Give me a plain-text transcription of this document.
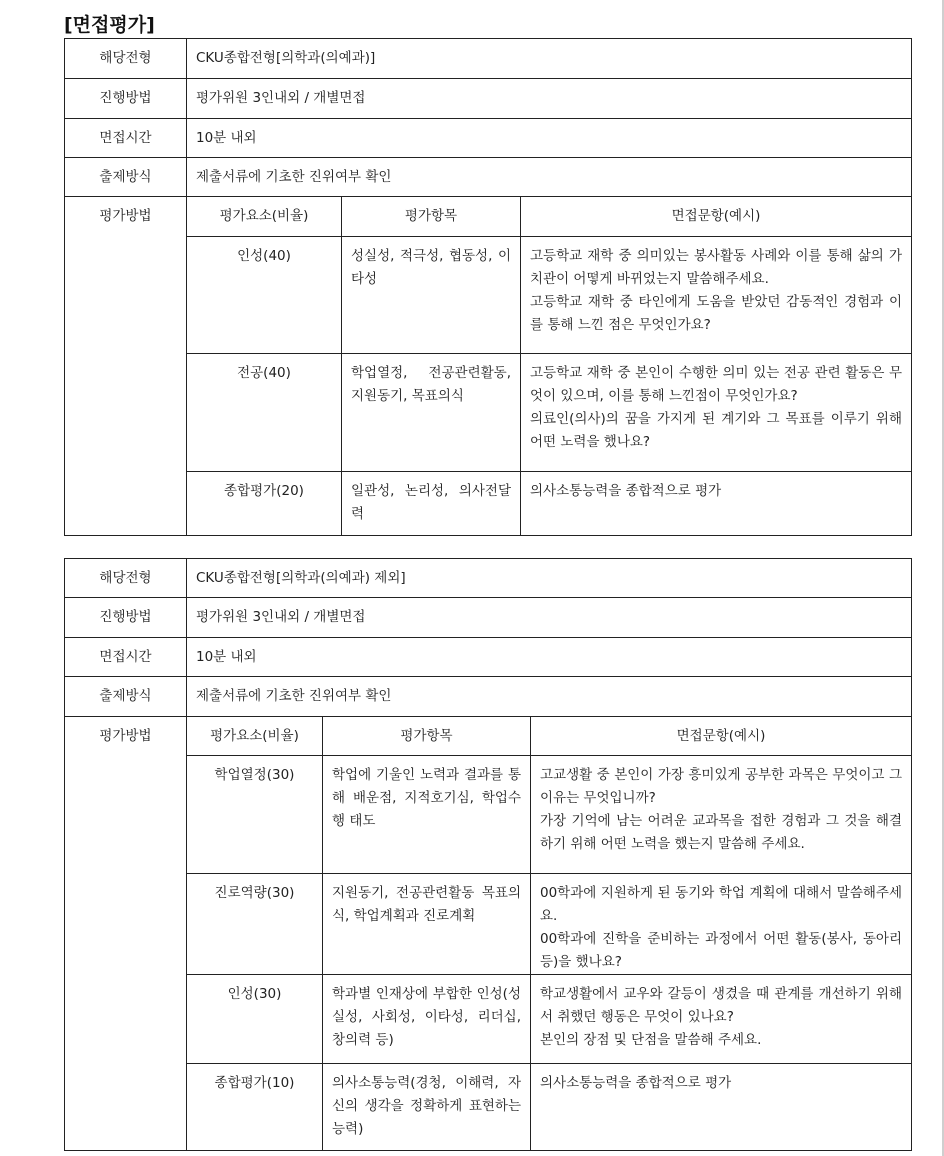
[면접평가]
해당전형	CKU종합전형[의학과(의예과)]		
진행방법	평가위원 3인내외 / 개별면접		
면접시간	10분 내외		
출제방식	제출서류에 기초한 진위여부 확인		
평가방법	평가요소(비율)	평가항목	면접문항(예시)
	인성(40)	성실성, 적극성, 협동성, 이타성	고등학교 재학 중 의미있는 봉사활동 사례와 이를 통해 삶의 가치관이 어떻게 바뀌었는지 말씀해주세요.
고등학교 재학 중 타인에게 도움을 받았던 감동적인 경험과 이를 통해 느낀 점은 무엇인가요?

	전공(40)	학업열정, 전공관련활동, 지원동기, 목표의식	고등학교 재학 중 본인이 수행한 의미 있는 전공 관련 활동은 무엇이 있으며, 이를 통해 느낀점이 무엇인가요?
의료인(의사)의 꿈을 가지게 된 계기와 그 목표를 이루기 위해 어떤 노력을 했나요?

	종합평가(20)	일관성, 논리성, 의사전달력	의사소통능력을 종합적으로 평가
해당전형	CKU종합전형[의학과(의예과) 제외]		
진행방법	평가위원 3인내외 / 개별면접		
면접시간	10분 내외		
출제방식	제출서류에 기초한 진위여부 확인		
평가방법	평가요소(비율)	평가항목	면접문항(예시)
	학업열정(30)	학업에 기울인 노력과 결과를 통해 배운점, 지적호기심, 학업수행 태도	고교생활 중 본인이 가장 흥미있게 공부한 과목은 무엇이고 그 이유는 무엇입니까?
가장 기억에 남는 어려운 교과목을 접한 경험과 그 것을 해결하기 위해 어떤 노력을 했는지 말씀해 주세요.

	진로역량(30)	지원동기, 전공관련활동 목표의식, 학업계획과 진로계획	00학과에 지원하게 된 동기와 학업 계획에 대해서 말씀해주세요.
00학과에 진학을 준비하는 과정에서 어떤 활동(봉사, 동아리 등)을 했나요?

	인성(30)	학과별 인재상에 부합한 인성(성실성, 사회성, 이타성, 리더십, 창의력 등)	학교생활에서 교우와 갈등이 생겼을 때 관계를 개선하기 위해서 취했던 행동은 무엇이 있나요?
본인의 장점 및 단점을 말씀해 주세요.

	종합평가(10)	의사소통능력(경청, 이해력, 자신의 생각을 정확하게 표현하는 능력)	의사소통능력을 종합적으로 평가
